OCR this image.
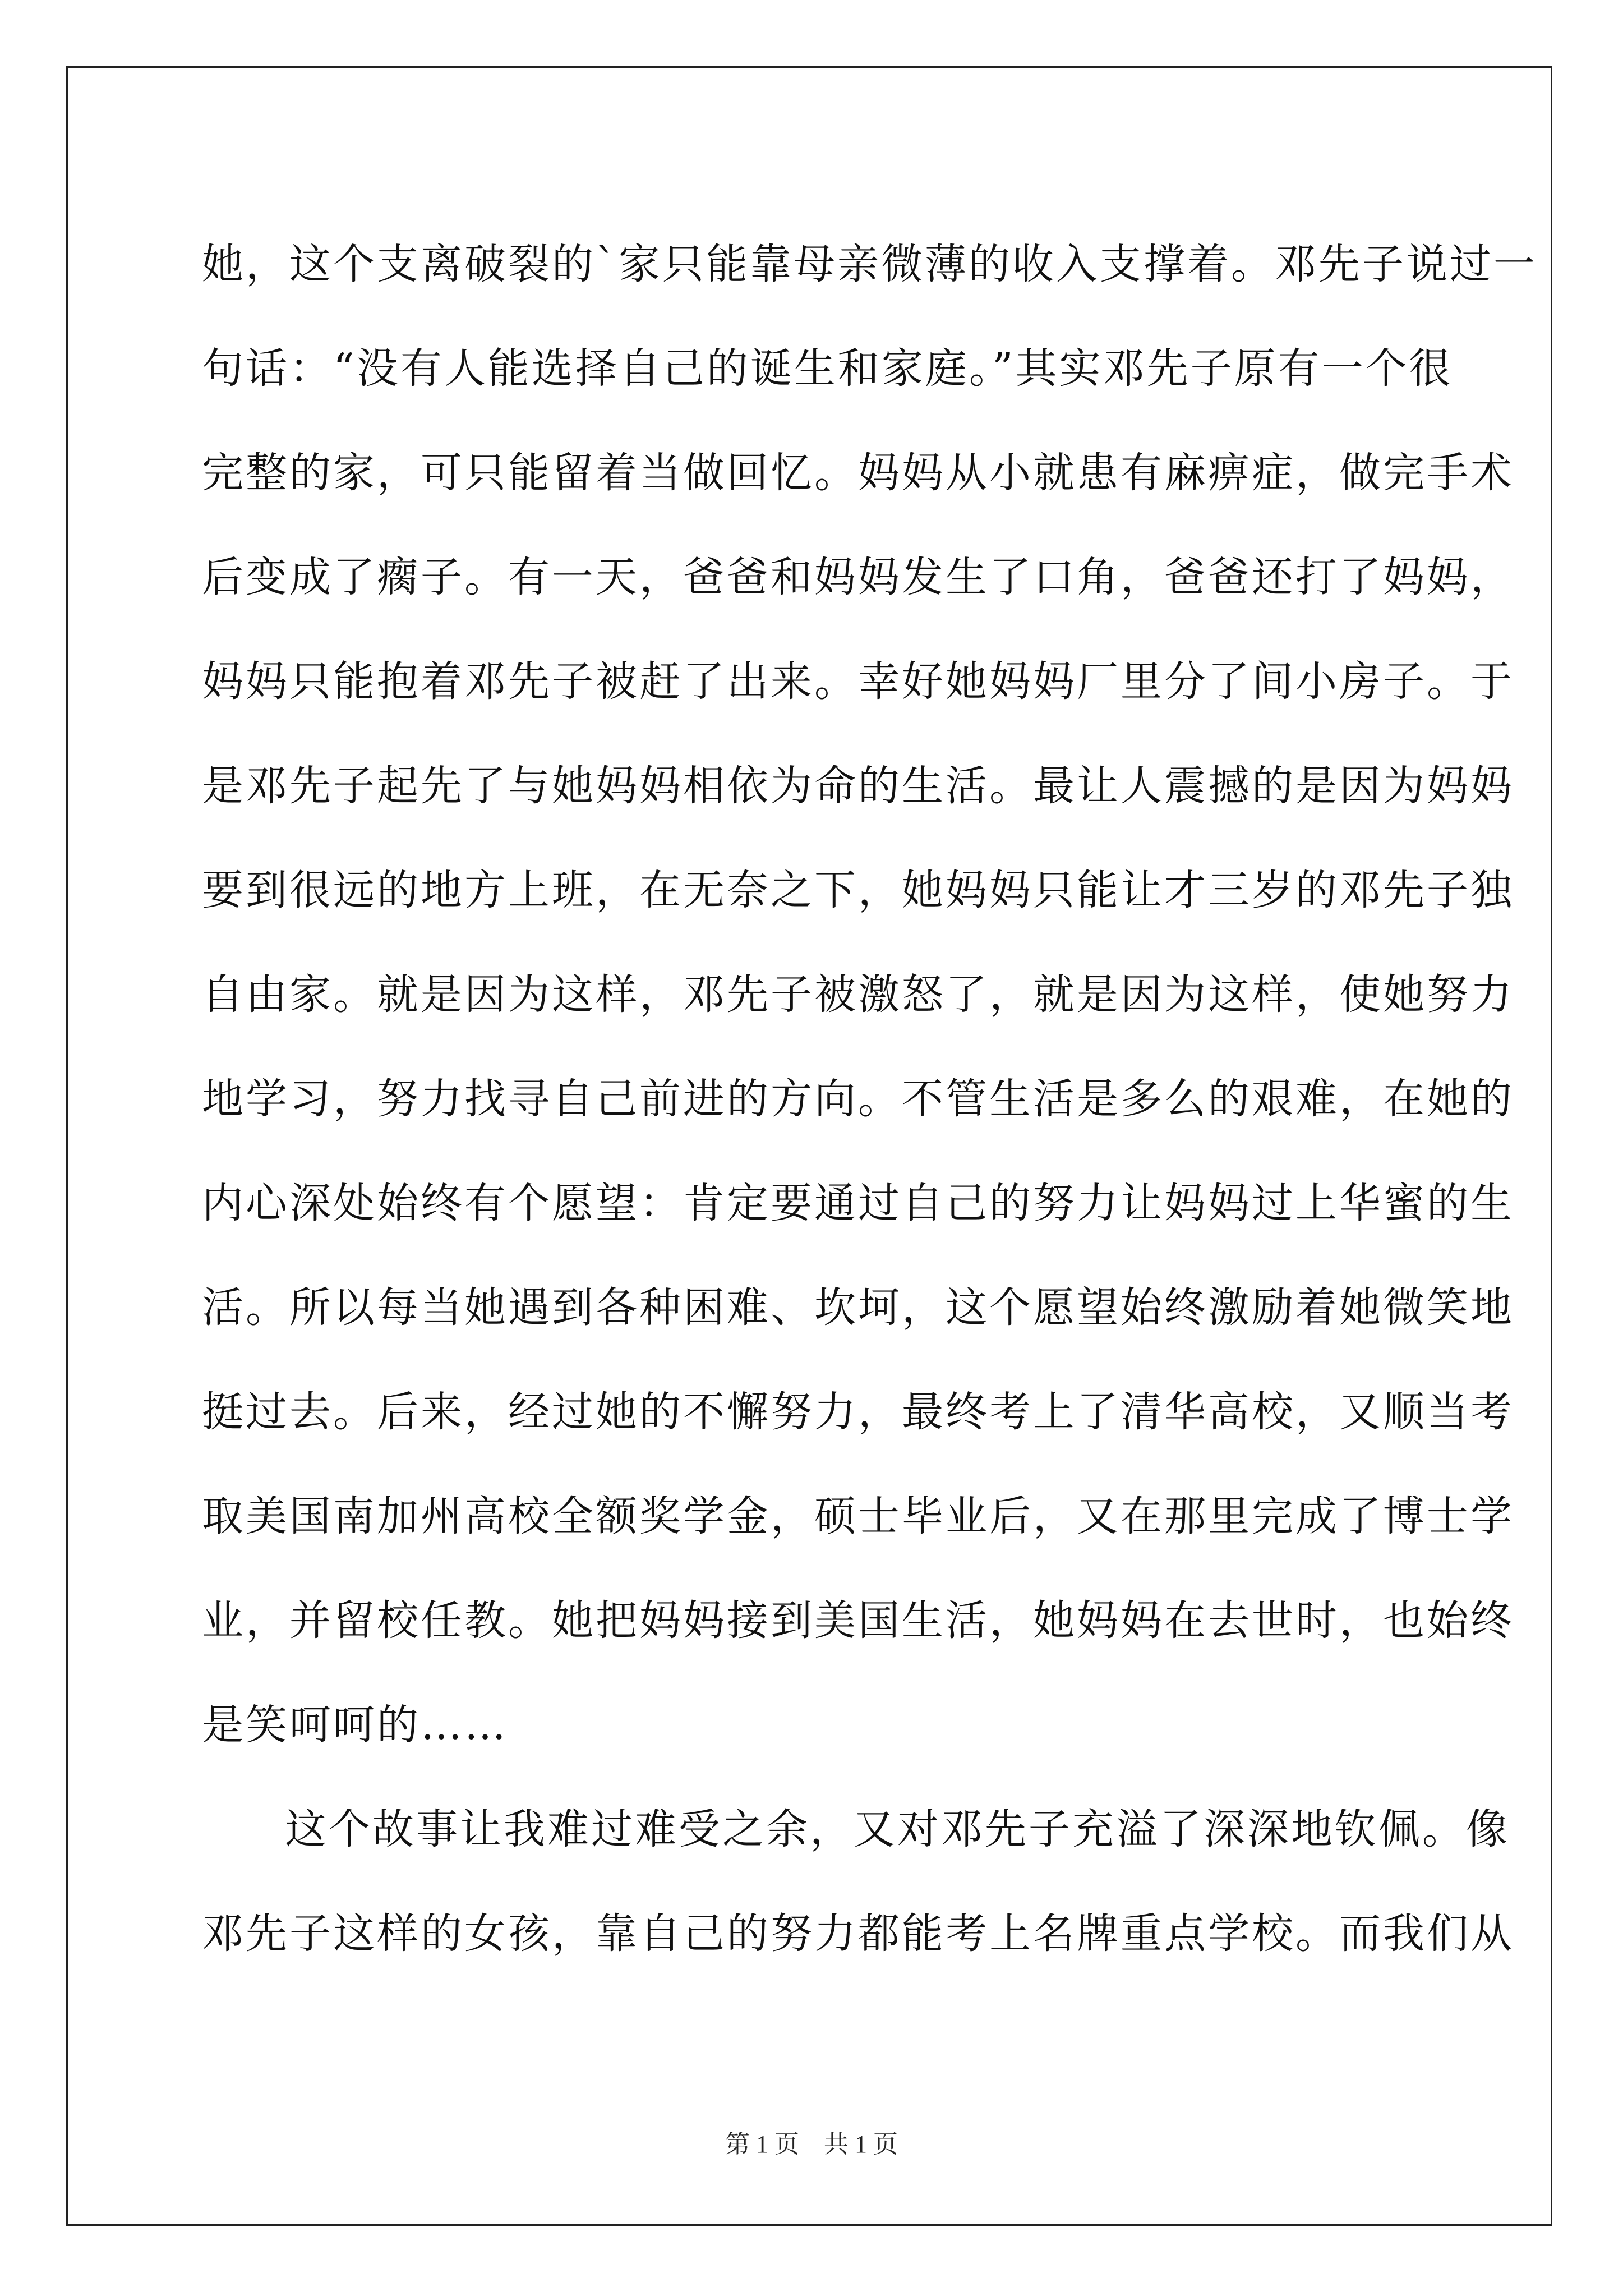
她，这个支离破裂的`家只能靠母亲微薄的收入支撑着。邓先子说过一
句话：“没有人能选择自己的诞生和家庭。”其实邓先子原有一个很
完整的家，可只能留着当做回忆。妈妈从小就患有麻痹症，做完手术
后变成了瘸子。有一天，爸爸和妈妈发生了口角，爸爸还打了妈妈，
妈妈只能抱着邓先子被赶了出来。幸好她妈妈厂里分了间小房子。于
是邓先子起先了与她妈妈相依为命的生活。最让人震撼的是因为妈妈
要到很远的地方上班，在无奈之下，她妈妈只能让才三岁的邓先子独
自由家。就是因为这样，邓先子被激怒了，就是因为这样，使她努力
地学习，努力找寻自己前进的方向。不管生活是多么的艰难，在她的
内心深处始终有个愿望：肯定要通过自己的努力让妈妈过上华蜜的生
活。所以每当她遇到各种困难、坎坷，这个愿望始终激励着她微笑地
挺过去。后来，经过她的不懈努力，最终考上了清华高校，又顺当考
取美国南加州高校全额奖学金，硕士毕业后，又在那里完成了博士学
业，并留校任教。她把妈妈接到美国生活，她妈妈在去世时，也始终
是笑呵呵的……
这个故事让我难过难受之余，又对邓先子充溢了深深地钦佩。像
邓先子这样的女孩，靠自己的努力都能考上名牌重点学校。而我们从
第 1 页　共 1 页
